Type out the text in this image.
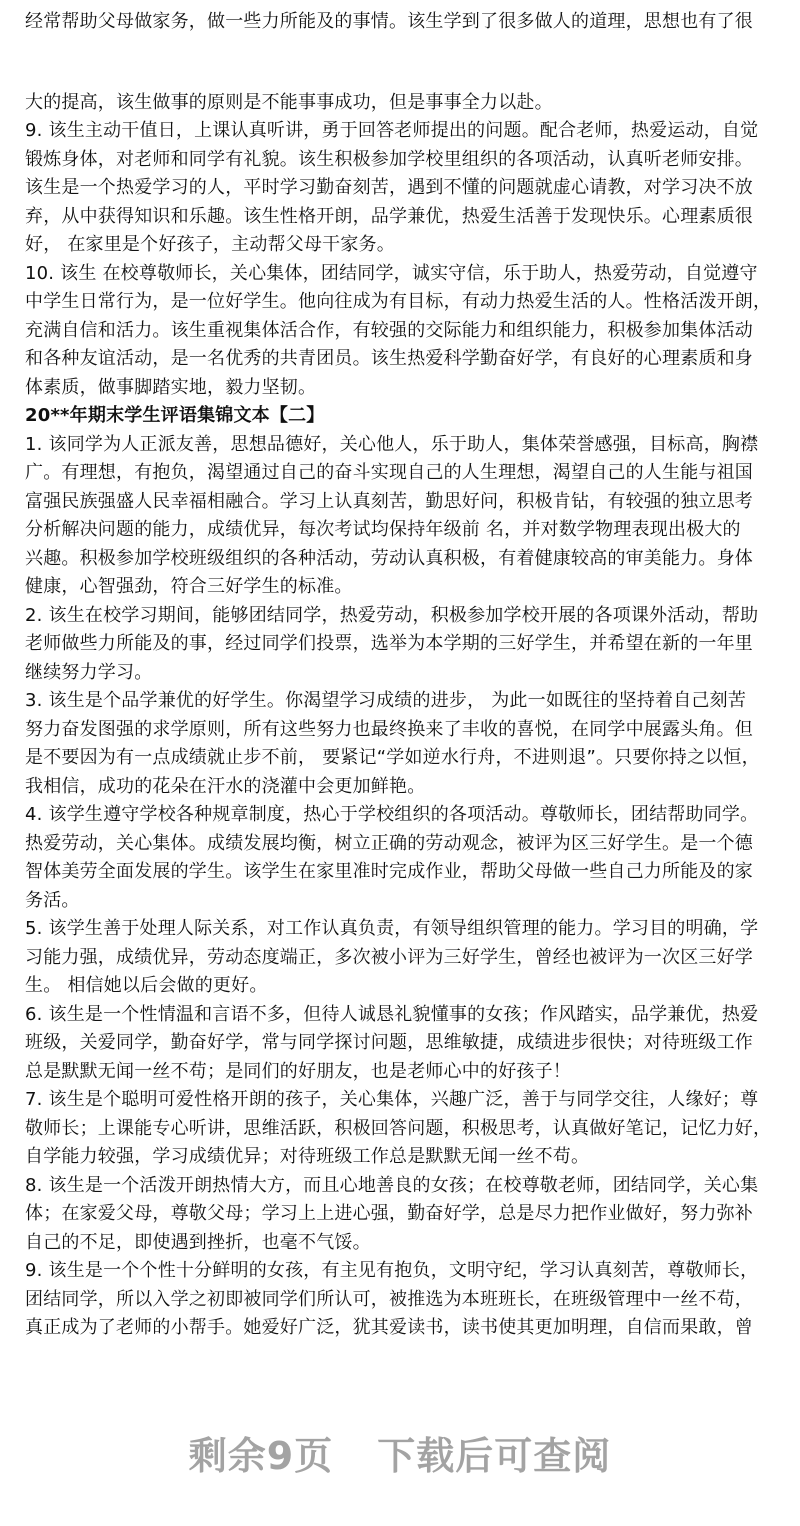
经常帮助父母做家务，做一些力所能及的事情。该生学到了很多做人的道理，思想也有了很
大的提高，该生做事的原则是不能事事成功，但是事事全力以赴。
9. 该生主动干值日，上课认真听讲，勇于回答老师提出的问题。配合老师，热爱运动，自觉
锻炼身体，对老师和同学有礼貌。该生积极参加学校里组织的各项活动，认真听老师安排。
该生是一个热爱学习的人，平时学习勤奋刻苦，遇到不懂的问题就虚心请教，对学习决不放
弃，从中获得知识和乐趣。该生性格开朗，品学兼优，热爱生活善于发现快乐。心理素质很
好， 在家里是个好孩子，主动帮父母干家务。
10. 该生 在校尊敬师长，关心集体，团结同学，诚实守信，乐于助人，热爱劳动，自觉遵守
中学生日常行为，是一位好学生。他向往成为有目标，有动力热爱生活的人。性格活泼开朗，
充满自信和活力。该生重视集体活合作，有较强的交际能力和组织能力，积极参加集体活动
和各种友谊活动，是一名优秀的共青团员。该生热爱科学勤奋好学，有良好的心理素质和身
体素质，做事脚踏实地，毅力坚韧。
20**年期末学生评语集锦文本【二】
1. 该同学为人正派友善，思想品德好，关心他人，乐于助人，集体荣誉感强，目标高，胸襟
广。有理想，有抱负，渴望通过自己的奋斗实现自己的人生理想，渴望自己的人生能与祖国
富强民族强盛人民幸福相融合。学习上认真刻苦，勤思好问，积极肯钻，有较强的独立思考
分析解决问题的能力，成绩优异，每次考试均保持年级前 名，并对数学物理表现出极大的
兴趣。积极参加学校班级组织的各种活动，劳动认真积极，有着健康较高的审美能力。身体
健康，心智强劲，符合三好学生的标准。
2. 该生在校学习期间，能够团结同学，热爱劳动，积极参加学校开展的各项课外活动，帮助
老师做些力所能及的事，经过同学们投票，选举为本学期的三好学生，并希望在新的一年里
继续努力学习。
3. 该生是个品学兼优的好学生。你渴望学习成绩的进步， 为此一如既往的坚持着自己刻苦
努力奋发图强的求学原则，所有这些努力也最终换来了丰收的喜悦，在同学中展露头角。但
是不要因为有一点成绩就止步不前， 要紧记“学如逆水行舟，不进则退”。只要你持之以恒，
我相信，成功的花朵在汗水的浇灌中会更加鲜艳。
4. 该学生遵守学校各种规章制度，热心于学校组织的各项活动。尊敬师长，团结帮助同学。
热爱劳动，关心集体。成绩发展均衡，树立正确的劳动观念，被评为区三好学生。是一个德
智体美劳全面发展的学生。该学生在家里准时完成作业，帮助父母做一些自己力所能及的家
务活。
5. 该学生善于处理人际关系，对工作认真负责，有领导组织管理的能力。学习目的明确，学
习能力强，成绩优异，劳动态度端正，多次被小评为三好学生，曾经也被评为一次区三好学
生。 相信她以后会做的更好。
6. 该生是一个性情温和言语不多，但待人诚恳礼貌懂事的女孩；作风踏实，品学兼优，热爱
班级，关爱同学，勤奋好学，常与同学探讨问题，思维敏捷，成绩进步很快；对待班级工作
总是默默无闻一丝不苟；是同们的好朋友，也是老师心中的好孩子！
7. 该生是个聪明可爱性格开朗的孩子，关心集体，兴趣广泛，善于与同学交往，人缘好；尊
敬师长；上课能专心听讲，思维活跃，积极回答问题，积极思考，认真做好笔记，记忆力好，
自学能力较强，学习成绩优异；对待班级工作总是默默无闻一丝不苟。
8. 该生是一个活泼开朗热情大方，而且心地善良的女孩；在校尊敬老师，团结同学，关心集
体；在家爱父母，尊敬父母；学习上上进心强，勤奋好学，总是尽力把作业做好，努力弥补
自己的不足，即使遇到挫折，也毫不气馁。
9. 该生是一个个性十分鲜明的女孩，有主见有抱负，文明守纪，学习认真刻苦，尊敬师长，
团结同学，所以入学之初即被同学们所认可，被推选为本班班长，在班级管理中一丝不苟，
真正成为了老师的小帮手。她爱好广泛，犹其爱读书，读书使其更加明理，自信而果敢，曾
剩余9页 下载后可查阅
